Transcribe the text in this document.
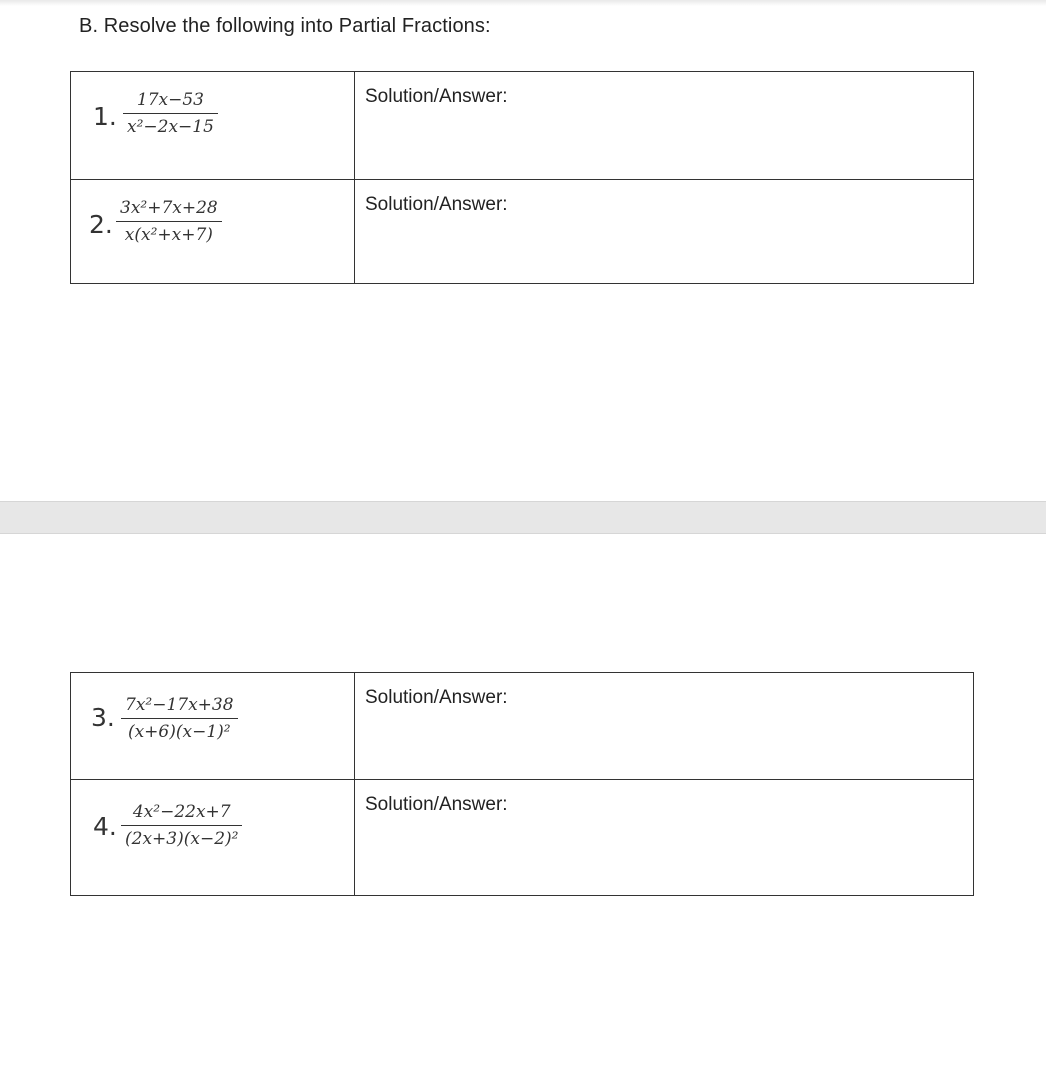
B. Resolve the following into Partial Fractions:
1. $\frac{17x-53}{\text{x²−2x−15}}$	Solution/Answer:

2. $\frac{\text{3x²+7x+28}}{\text{x(x²+x+7)}}$	Solution/Answer:
3. $\frac{\text{7x²−17x+38}}{\text{(x+6)(x−1)²}}$	Solution/Answer:

4. $\frac{\text{4x²−22x+7}}{\text{(2x+3)(x−2)²}}$	Solution/Answer:
